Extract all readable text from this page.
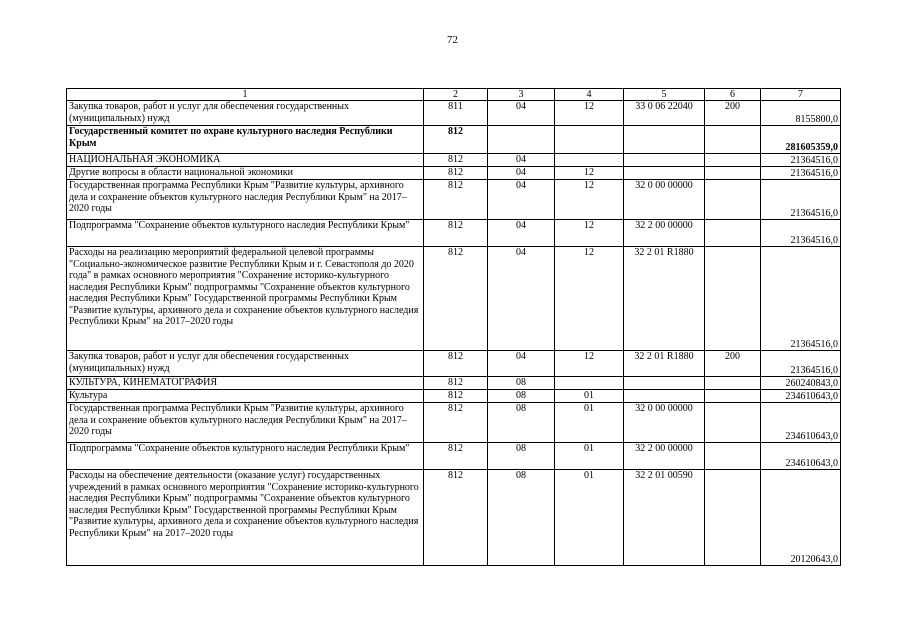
72
1	2	3	4	5	6	7
Закупка товаров, работ и услуг для обеспечения государственных (муниципальных) нужд	811	04	12	33 0 06 22040	200	8155800,0
Государственный комитет по охране культурного наследия Республики Крым	812					281605359,0
НАЦИОНАЛЬНАЯ ЭКОНОМИКА	812	04				21364516,0
Другие вопросы в области национальной экономики	812	04	12			21364516,0
Государственная программа Республики Крым "Развитие культуры, архивного дела и сохранение объектов культурного наследия Республики Крым" на 2017–2020 годы	812	04	12	32 0 00 00000		21364516,0
Подпрограмма "Сохранение объектов культурного наследия Республики Крым"	812	04	12	32 2 00 00000		21364516,0
Расходы на реализацию мероприятий федеральной целевой программы "Социально-экономическое развитие Республики Крым и г. Севастополя до 2020 года" в рамках основного мероприятия "Сохранение историко-культурного наследия Республики Крым" подпрограммы "Сохранение объектов культурного наследия Республики Крым" Государственной программы Республики Крым "Развитие культуры, архивного дела и сохранение объектов культурного наследия Республики Крым" на 2017–2020 годы	812	04	12	32 2 01 R1880		21364516,0
Закупка товаров, работ и услуг для обеспечения государственных (муниципальных) нужд	812	04	12	32 2 01 R1880	200	21364516,0
КУЛЬТУРА, КИНЕМАТОГРАФИЯ	812	08				260240843,0
Культура	812	08	01			234610643,0
Государственная программа Республики Крым "Развитие культуры, архивного дела и сохранение объектов культурного наследия Республики Крым" на 2017–2020 годы	812	08	01	32 0 00 00000		234610643,0
Подпрограмма "Сохранение объектов культурного наследия Республики Крым"	812	08	01	32 2 00 00000		234610643,0
Расходы на обеспечение деятельности (оказание услуг) государственных учреждений в рамках основного мероприятия "Сохранение историко-культурного наследия Республики Крым" подпрограммы "Сохранение объектов культурного наследия Республики Крым" Государственной программы Республики Крым "Развитие культуры, архивного дела и сохранение объектов культурного наследия Республики Крым" на 2017–2020 годы	812	08	01	32 2 01 00590		20120643,0
